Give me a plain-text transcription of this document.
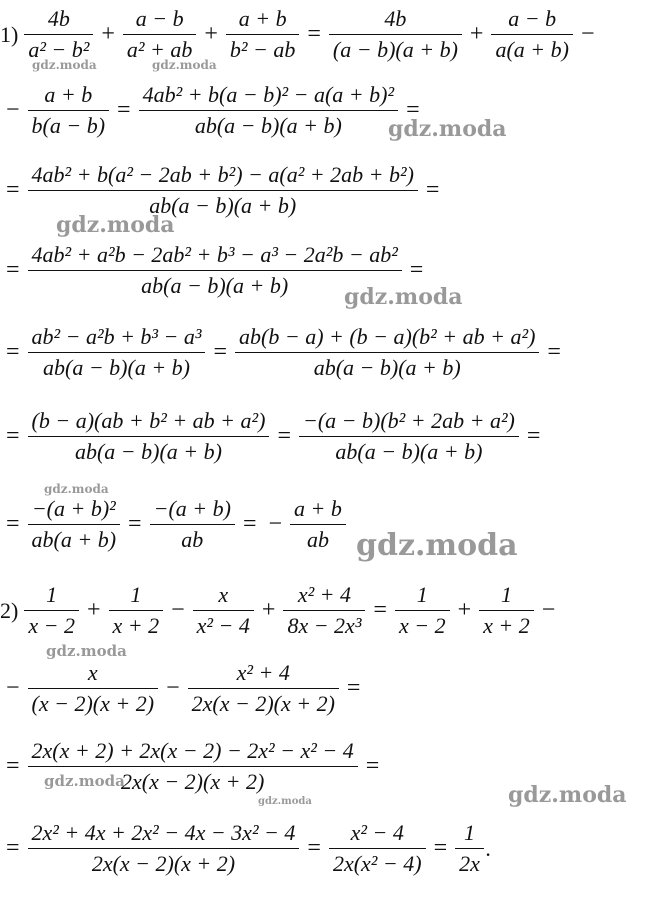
$1) \frac{4b}{\text{a² − b²}} + \frac{a - b}{\text{a² + ab}} + \frac{a + b}{\text{b² − ab}} = \frac{4b}{(a - b)(a + b)} + \frac{a - b}{a(a + b)}$ −
− $\frac{a + b}{b(a - b)} = \frac{\text{4ab² + b(a − b)² − a(a + b)²}}{ab(a - b)(a + b)}$ =
= $\frac{\text{4ab² + b(a² − 2ab + b²) − a(a² + 2ab + b²)}}{ab(a - b)(a + b)}$ =
= $\frac{\text{4ab² + a²b − 2ab² + b³ − a³ − 2a²b − ab²}}{ab(a - b)(a + b)}$ =
= $\frac{\text{ab² − a²b + b³ − a³}}{ab(a - b)(a + b)} = \frac{\text{ab(b − a) + (b − a)(b² + ab + a²)}}{ab(a - b)(a + b)}$ =
= $\frac{\text{(b − a)(ab + b² + ab + a²)}}{ab(a - b)(a + b)} = \frac{\text{−(a − b)(b² + 2ab + a²)}}{ab(a - b)(a + b)}$ =
= $\frac{\text{−(a + b)²}}{ab(a + b)} = \frac{-(a + b)}{ab}$ = − $\frac{a + b}{ab}$
$2) \frac{1}{x - 2} + \frac{1}{x + 2} - \frac{x}{\text{x² − 4}} + \frac{\text{x² + 4}}{\text{8x − 2x³}} = \frac{1}{x - 2} + \frac{1}{x + 2}$ −
− $\frac{x}{(x - 2)(x + 2)} - \frac{\text{x² + 4}}{2x(x - 2)(x + 2)}$ =
= $\frac{\text{2x(x + 2) + 2x(x − 2) − 2x² − x² − 4}}{2x(x - 2)(x + 2)}$ =
= $\frac{\text{2x² + 4x + 2x² − 4x − 3x² − 4}}{2x(x - 2)(x + 2)} = \frac{\text{x² − 4}}{\text{2x(x² − 4)}} = \frac{1}{2x}$ .
gdz.moda	gdz.moda
gdz.moda
gdz.moda
gdz.moda
gdz.moda
gdz.moda
gdz.moda
gdz.moda
gdz.moda	gdz.moda
